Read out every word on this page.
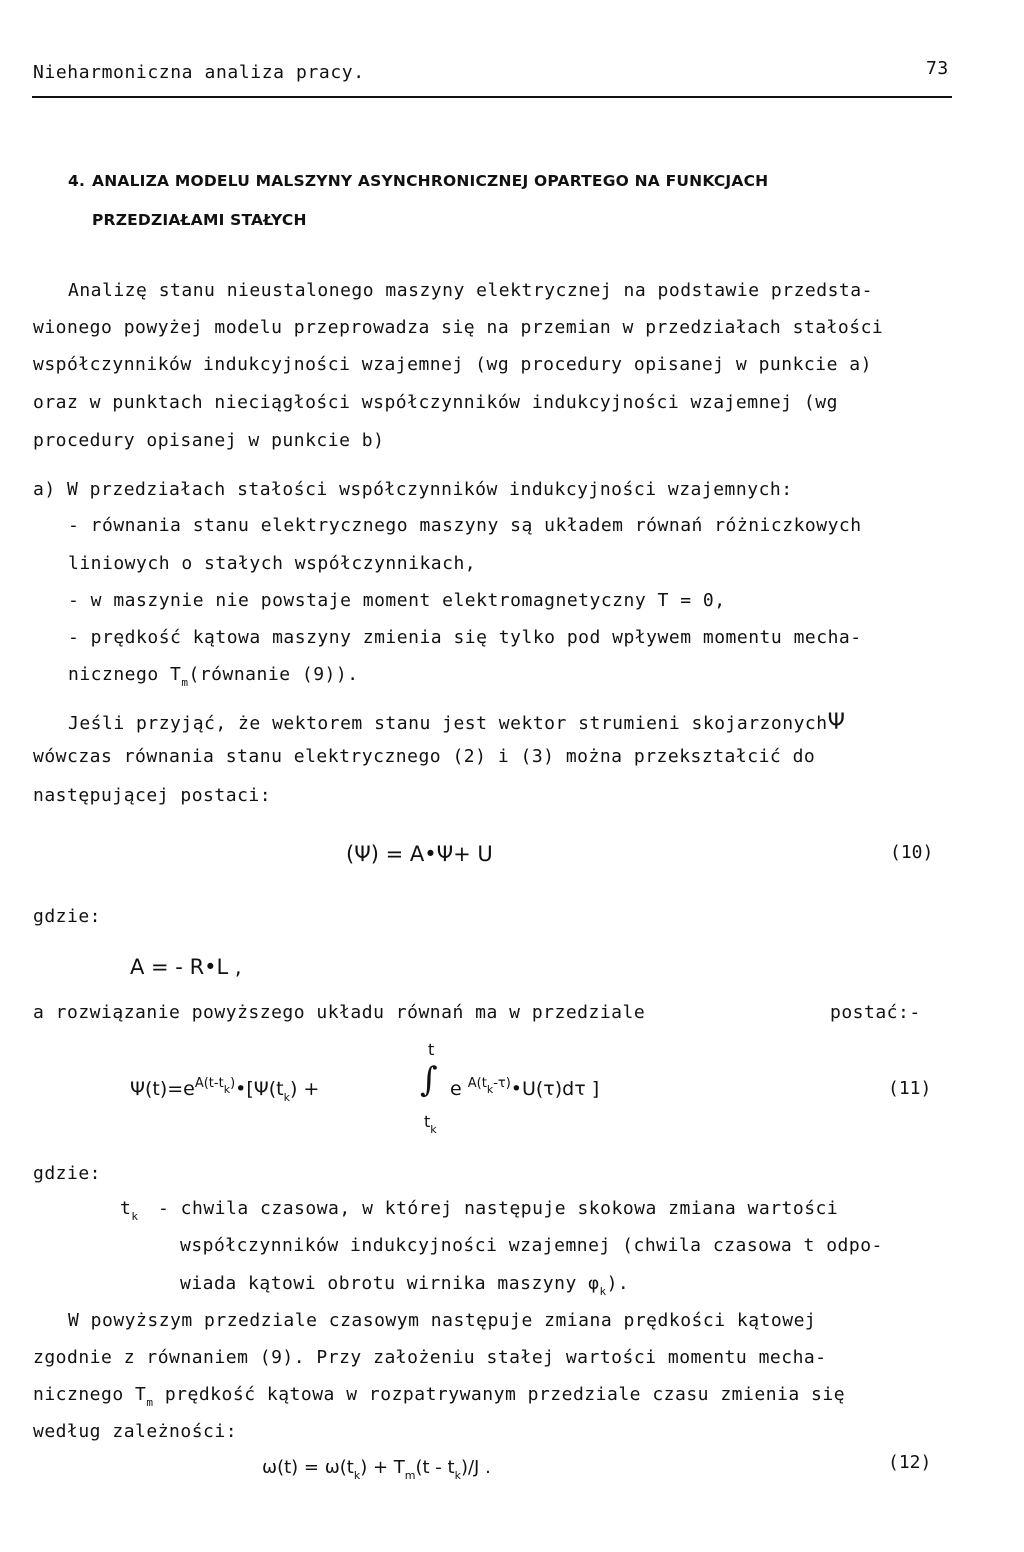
Nieharmoniczna analiza pracy.	73
4. ANALIZA MODELU MALSZYNY ASYNCHRONICZNEJ OPARTEGO NA FUNKCJACH
PRZEDZIAŁAMI STAŁYCH
Analizę stanu nieustalonego maszyny elektrycznej na podstawie przedsta-
wionego powyżej modelu przeprowadza się na przemian w przedziałach stałości
współczynników indukcyjności wzajemnej (wg procedury opisanej w punkcie a)
oraz w punktach nieciągłości współczynników indukcyjności wzajemnej (wg
procedury opisanej w punkcie b)
a) W przedziałach stałości współczynników indukcyjności wzajemnych:
- równania stanu elektrycznego maszyny są układem równań różniczkowych
liniowych o stałych współczynnikach,
- w maszynie nie powstaje moment elektromagnetyczny T = 0,
- prędkość kątowa maszyny zmienia się tylko pod wpływem momentu mecha-
nicznego $T_m(równanie$ (9)).
Jeśli przyjąć, że wektorem stanu jest wektor strumieni skojarzonychΨ
wówczas równania stanu elektrycznego (2) i (3) można przekształcić do
następującej postaci:
(Ψ) = A•Ψ+ U	(10)
gdzie:
A = - R•L ,
a rozwiązanie powyższego układu równań ma w przedziale	postać:-
t
∫
$t_k$
$\Psi(t)=e^{A(t-t_k)}•[\Psi(t_k)$ +	e $^{A(t_k-\tau)}$•U(τ)dτ ]	(11)
gdzie:
$t_k$ - chwila czasowa, w której następuje skokowa zmiana wartości
współczynników indukcyjności wzajemnej (chwila czasowa t odpo-
wiada kątowi obrotu wirnika maszyny $\varphi_k$).
W powyższym przedziale czasowym następuje zmiana prędkości kątowej
zgodnie z równaniem (9). Przy założeniu stałej wartości momentu mecha-
nicznego $T_m$ prędkość kątowa w rozpatrywanym przedziale czasu zmienia się
według zależności:
$\omega(t) = \omega(t_k) + T_m(t - t_k)/J$ .	(12)
